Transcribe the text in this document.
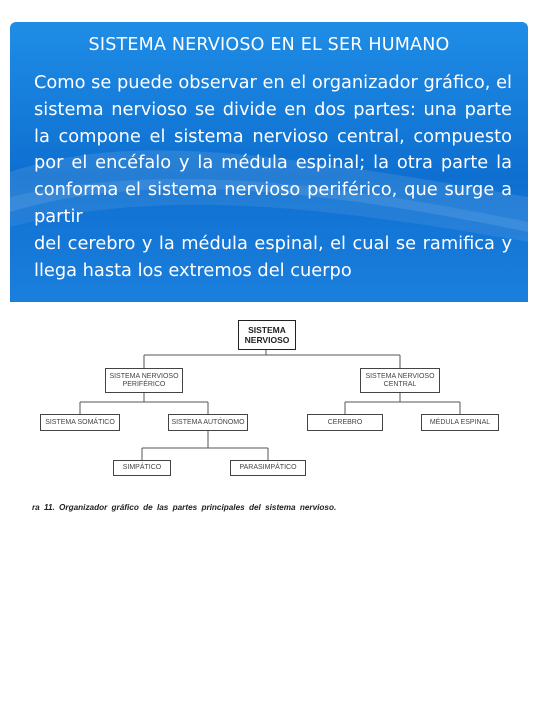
SISTEMA NERVIOSO EN EL SER HUMANO

Como se puede observar en el organizador gráfico, el sistema nervioso se divide en dos partes: una parte la compone el sistema nervioso central, compuesto por el encéfalo y la médula espinal; la otra parte la conforma el sistema nervioso periférico, que surge a partir

del cerebro y la médula espinal, el cual se ramifica y llega hasta los extremos del cuerpo

SISTEMA NERVIOSO
SISTEMA NERVIOSO PERIFÉRICO
SISTEMA NERVIOSO CENTRAL
SISTEMA SOMÁTICO	SISTEMA AUTÓNOMO	CEREBRO	MÉDULA ESPINAL
SIMPÁTICO	PARASIMPÁTICO
ra 11. Organizador gráfico de las partes principales del sistema nervioso.
